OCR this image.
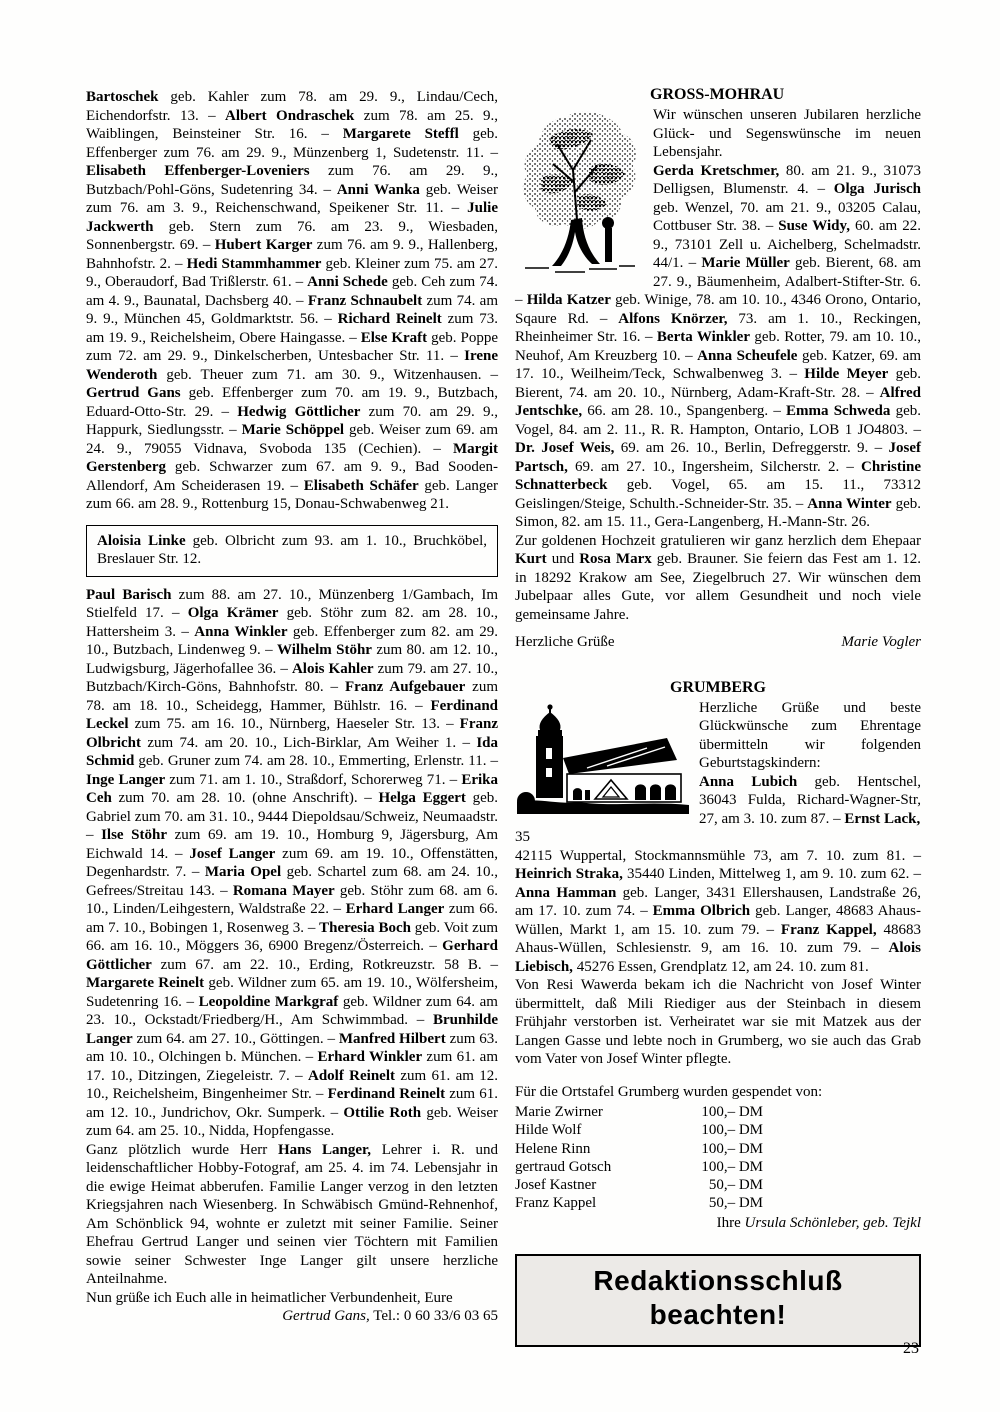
Bartoschek geb. Kahler zum 78. am 29. 9., Lindau/Cech, Eichendorfstr. 13. – Albert Ondraschek zum 78. am 25. 9., Waiblingen, Beinsteiner Str. 16. – Margarete Steffl geb. Effenberger zum 76. am 29. 9., Münzenberg 1, Sudetenstr. 11. – Elisabeth Effenberger-Loveniers zum 76. am 29. 9., Butzbach/Pohl-Göns, Sudetenring 34. – Anni Wanka geb. Weiser zum 76. am 3. 9., Reichenschwand, Speikener Str. 11. – Julie Jackwerth geb. Stern zum 76. am 23. 9., Wiesbaden, Sonnenbergstr. 69. – Hubert Karger zum 76. am 9. 9., Hallenberg, Bahnhofstr. 2. – Hedi Stammhammer geb. Kleiner zum 75. am 27. 9., Oberaudorf, Bad Trißlerstr. 61. – Anni Schede geb. Ceh zum 74. am 4. 9., Baunatal, Dachsberg 40. – Franz Schnaubelt zum 74. am 9. 9., München 45, Goldmarktstr. 56. – Richard Reinelt zum 73. am 19. 9., Reichelsheim, Obere Haingasse. – Else Kraft geb. Poppe zum 72. am 29. 9., Dinkelscherben, Untesbacher Str. 11. – Irene Wenderoth geb. Theuer zum 71. am 30. 9., Witzenhausen. – Gertrud Gans geb. Effenberger zum 70. am 19. 9., Butzbach, Eduard-Otto-Str. 29. – Hedwig Göttlicher zum 70. am 29. 9., Happurk, Siedlungsstr. – Marie Schöppel geb. Weiser zum 69. am 24. 9., 79055 Vidnava, Svoboda 135 (Cechien). – Margit Gerstenberg geb. Schwarzer zum 67. am 9. 9., Bad Sooden-Allendorf, Am Scheiderasen 19. – Elisabeth Schäfer geb. Langer zum 66. am 28. 9., Rottenburg 15, Donau-Schwabenweg 21.

Aloisia Linke geb. Olbricht zum 93. am 1. 10., Bruchköbel, Breslauer Str. 12.

Paul Barisch zum 88. am 27. 10., Münzenberg 1/Gambach, Im Stielfeld 17. – Olga Krämer geb. Stöhr zum 82. am 28. 10., Hattersheim 3. – Anna Winkler geb. Effenberger zum 82. am 29. 10., Butzbach, Lindenweg 9. – Wilhelm Stöhr zum 80. am 12. 10., Ludwigsburg, Jägerhofallee 36. – Alois Kahler zum 79. am 27. 10., Butzbach/Kirch-Göns, Bahnhofstr. 80. – Franz Aufgebauer zum 78. am 18. 10., Scheidegg, Hammer, Bühlstr. 16. – Ferdinand Leckel zum 75. am 16. 10., Nürnberg, Haeseler Str. 13. – Franz Olbricht zum 74. am 20. 10., Lich-Birklar, Am Weiher 1. – Ida Schmid geb. Gruner zum 74. am 28. 10., Emmerting, Erlenstr. 11. – Inge Langer zum 71. am 1. 10., Straßdorf, Schorerweg 71. – Erika Ceh zum 70. am 28. 10. (ohne Anschrift). – Helga Eggert geb. Gabriel zum 70. am 31. 10., 9444 Diepoldsau/Schweiz, Neumaadstr. – Ilse Stöhr zum 69. am 19. 10., Homburg 9, Jägersburg, Am Eichwald 14. – Josef Langer zum 69. am 19. 10., Offenstätten, Degenhardstr. 7. – Maria Opel geb. Schartel zum 68. am 24. 10., Gefrees/Streitau 143. – Romana Mayer geb. Stöhr zum 68. am 6. 10., Linden/Leihgestern, Waldstraße 22. – Erhard Langer zum 66. am 7. 10., Bobingen 1, Rosenweg 3. – Theresia Boch geb. Voit zum 66. am 16. 10., Möggers 36, 6900 Bregenz/Österreich. – Gerhard Göttlicher zum 67. am 22. 10., Erding, Rotkreuzstr. 58 B. – Margarete Reinelt geb. Wildner zum 65. am 19. 10., Wölfersheim, Sudetenring 16. – Leopoldine Markgraf geb. Wildner zum 64. am 23. 10., Ockstadt/Friedberg/H., Am Schwimmbad. – Brunhilde Langer zum 64. am 27. 10., Göttingen. – Manfred Hilbert zum 63. am 10. 10., Olchingen b. München. – Erhard Winkler zum 61. am 17. 10., Ditzingen, Ziegeleistr. 7. – Adolf Reinelt zum 61. am 12. 10., Reichelsheim, Bingenheimer Str. – Ferdinand Reinelt zum 61. am 12. 10., Jundrichov, Okr. Sumperk. – Ottilie Roth geb. Weiser zum 64. am 25. 10., Nidda, Hopfengasse.

Ganz plötzlich wurde Herr Hans Langer, Lehrer i. R. und leidenschaftlicher Hobby-Fotograf, am 25. 4. im 74. Lebensjahr in die ewige Heimat abberufen. Familie Langer verzog in den letzten Kriegsjahren nach Wiesenberg. In Schwäbisch Gmünd-Rehnenhof, Am Schönblick 94, wohnte er zuletzt mit seiner Familie. Seiner Ehefrau Gertrud Langer und seinen vier Töchtern mit Familien sowie seiner Schwester Inge Langer gilt unsere herzliche Anteilnahme.

Nun grüße ich Euch alle in heimatlicher Verbundenheit, Eure

Gertrud Gans, Tel.: 0 60 33/6 03 65

GROSS-MOHRAU

Wir wünschen unseren Jubilaren herzliche Glück- und Segenswünsche im neuen Lebensjahr.

Gerda Kretschmer, 80. am 21. 9., 31073 Delligsen, Blumenstr. 4. – Olga Jurisch geb. Wenzel, 70. am 21. 9., 03205 Calau, Cottbuser Str. 38. – Suse Widy, 60. am 22. 9., 73101 Zell u. Aichelberg, Schelmadstr. 44/1. – Marie Müller geb. Bierent, 68. am 27. 9., Bäumenheim, Adalbert-Stifter-Str. 6. – Hilda Katzer geb. Winige, 78. am 10. 10., 4346 Orono, Ontario, Sqaure Rd. – Alfons Knörzer, 73. am 1. 10., Reckingen, Rheinheimer Str. 16. – Berta Winkler geb. Rotter, 79. am 10. 10., Neuhof, Am Kreuzberg 10. – Anna Scheufele geb. Katzer, 69. am 17. 10., Weilheim/Teck, Schwalbenweg 3. – Hilde Meyer geb. Bierent, 74. am 20. 10., Nürnberg, Adam-Kraft-Str. 28. – Alfred Jentschke, 66. am 28. 10., Spangenberg. – Emma Schweda geb. Vogel, 84. am 2. 11., R. R. Hampton, Ontario, LOB 1 JO4803. – Dr. Josef Weis, 69. am 26. 10., Berlin, Defreggerstr. 9. – Josef Partsch, 69. am 27. 10., Ingersheim, Silcherstr. 2. – Christine Schnatterbeck geb. Vogel, 65. am 15. 11., 73312 Geislingen/Steige, Schulth.-Schneider-Str. 35. – Anna Winter geb. Simon, 82. am 15. 11., Gera-Langenberg, H.-Mann-Str. 26.

Zur goldenen Hochzeit gratulieren wir ganz herzlich dem Ehepaar Kurt und Rosa Marx geb. Brauner. Sie feiern das Fest am 1. 12. in 18292 Krakow am See, Ziegelbruch 27. Wir wünschen dem Jubelpaar alles Gute, vor allem Gesundheit und noch viele gemeinsame Jahre.

Herzliche Grüße	Marie Vogler
GRUMBERG

Herzliche Grüße und beste Glückwünsche zum Ehrentage übermitteln wir folgenden Geburtstagskindern:

Anna Lubich geb. Hentschel, 36043 Fulda, Richard-Wagner-Str, 27, am 3. 10. zum 87. – Ernst Lack,

35

42115 Wuppertal, Stockmannsmühle 73, am 7. 10. zum 81. – Heinrich Straka, 35440 Linden, Mittelweg 1, am 9. 10. zum 62. – Anna Hamman geb. Langer, 3431 Ellershausen, Landstraße 26, am 17. 10. zum 74. – Emma Olbrich geb. Langer, 48683 Ahaus-Wüllen, Markt 1, am 15. 10. zum 79. – Franz Kappel, 48683 Ahaus-Wüllen, Schlesienstr. 9, am 16. 10. zum 79. – Alois Liebisch, 45276 Essen, Grendplatz 12, am 24. 10. zum 81.

Von Resi Wawerda bekam ich die Nachricht von Josef Winter übermittelt, daß Mili Riediger aus der Steinbach in diesem Frühjahr verstorben ist. Verheiratet war sie mit Matzek aus der Langen Gasse und lebte noch in Grumberg, wo sie auch das Grab vom Vater von Josef Winter pflegte.

Für die Ortstafel Grumberg wurden gespendet von:

Marie Zwirner	100,– DM
Hilde Wolf	100,– DM
Helene Rinn	100,– DM
gertraud Gotsch	100,– DM
Josef Kastner	50,– DM
Franz Kappel	50,– DM

Ihre Ursula Schönleber, geb. Tejkl

Redaktionsschluß
beachten!
23
